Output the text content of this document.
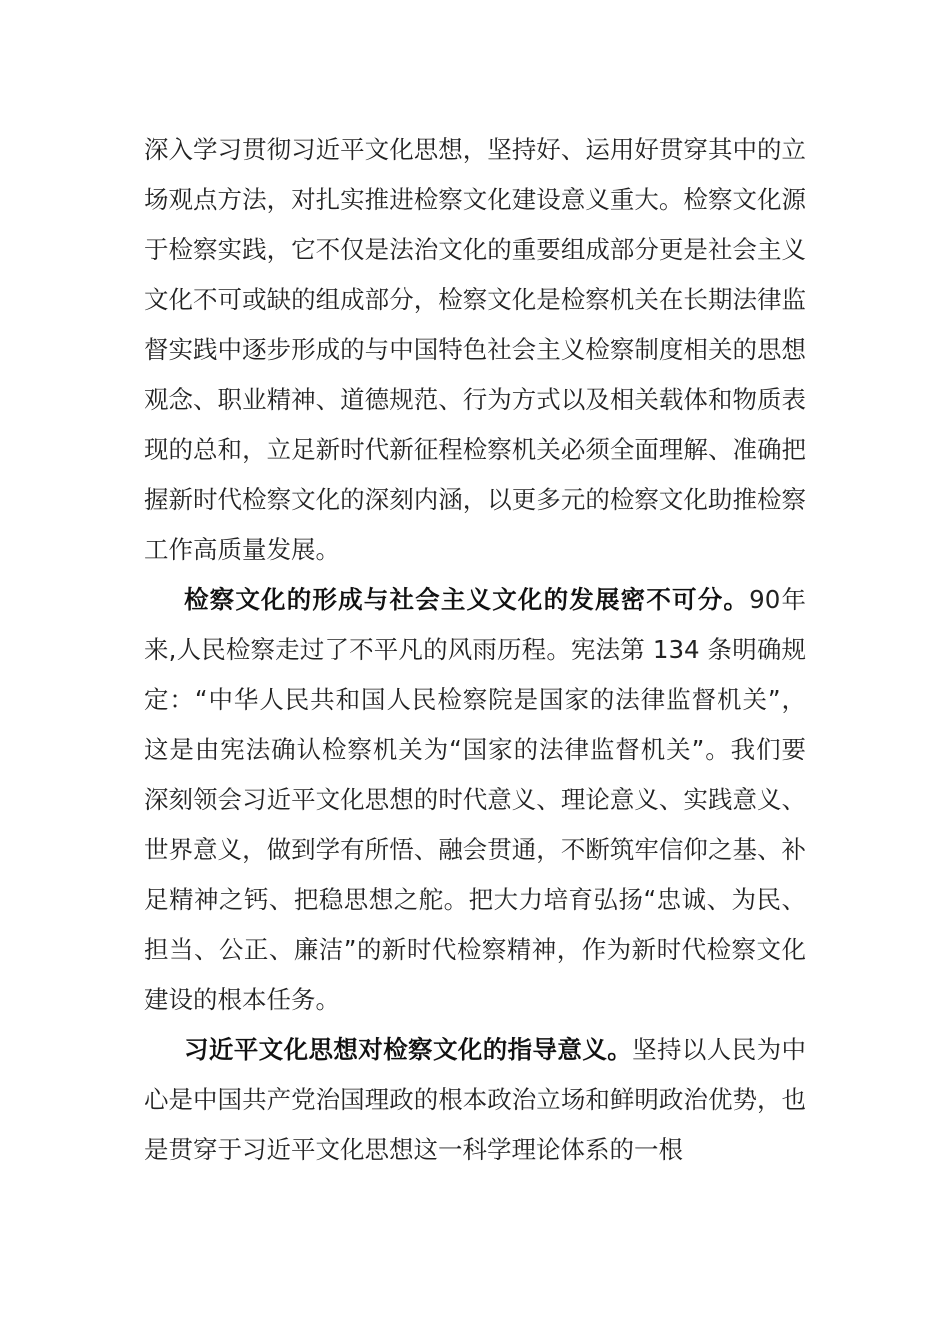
深入学习贯彻习近平文化思想，坚持好、运用好贯穿其中的立场观点方法，对扎实推进检察文化建设意义重大。检察文化源于检察实践，它不仅是法治文化的重要组成部分更是社会主义文化不可或缺的组成部分，检察文化是检察机关在长期法律监督实践中逐步形成的与中国特色社会主义检察制度相关的思想观念、职业精神、道德规范、行为方式以及相关载体和物质表现的总和，立足新时代新征程检察机关必须全面理解、准确把握新时代检察文化的深刻内涵，以更多元的检察文化助推检察工作高质量发展。

检察文化的形成与社会主义文化的发展密不可分。90年来,人民检察走过了不平凡的风雨历程。宪法第 134 条明确规定：“中华人民共和国人民检察院是国家的法律监督机关”，这是由宪法确认检察机关为“国家的法律监督机关”。我们要深刻领会习近平文化思想的时代意义、理论意义、实践意义、世界意义，做到学有所悟、融会贯通，不断筑牢信仰之基、补足精神之钙、把稳思想之舵。把大力培育弘扬“忠诚、为民、担当、公正、廉洁”的新时代检察精神，作为新时代检察文化建设的根本任务。

习近平文化思想对检察文化的指导意义。坚持以人民为中心是中国共产党治国理政的根本政治立场和鲜明政治优势，也是贯穿于习近平文化思想这一科学理论体系的一根
